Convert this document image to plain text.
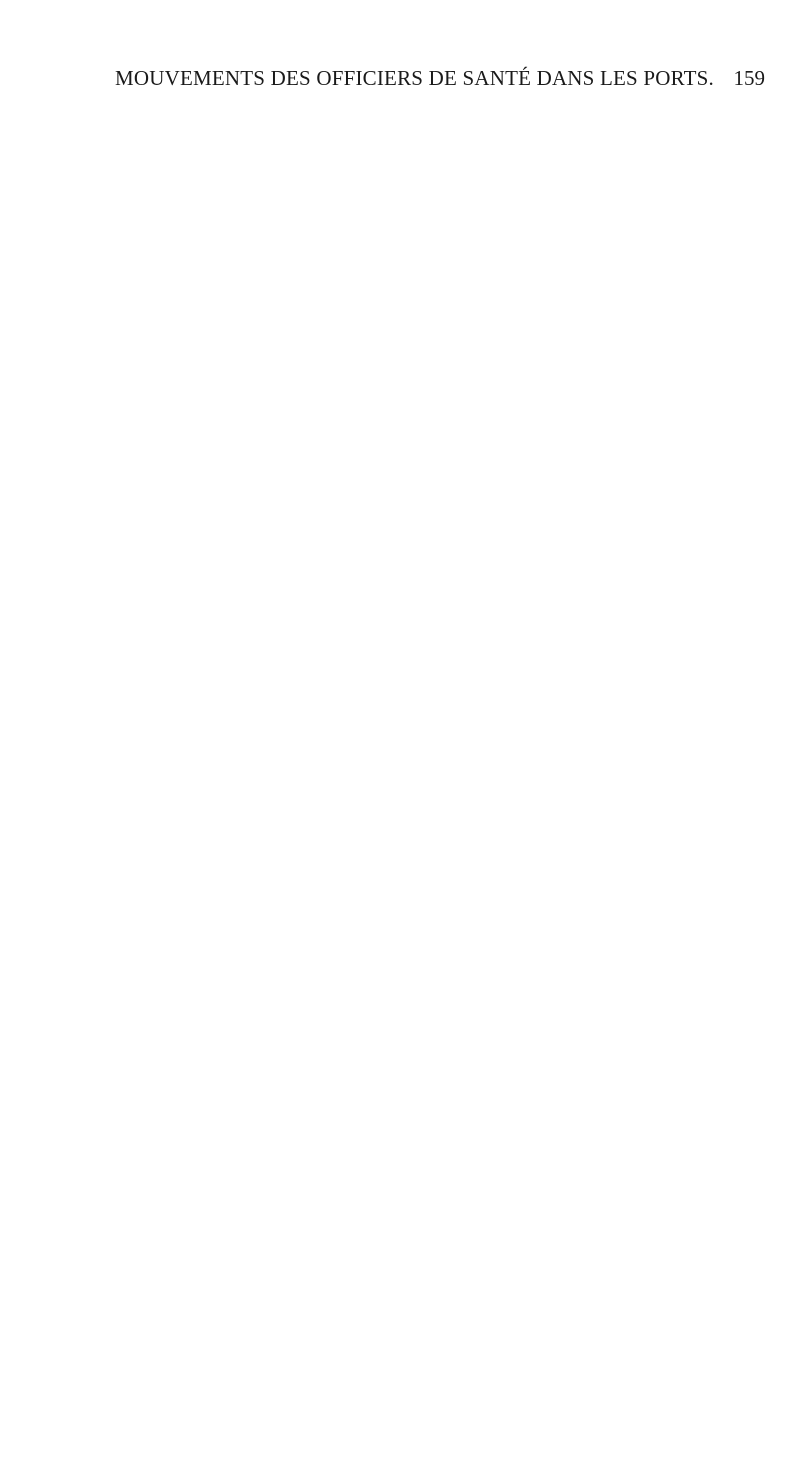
MOUVEMENTS DES OFFICIERS DE SANTÉ DANS LES PORTS. 159
